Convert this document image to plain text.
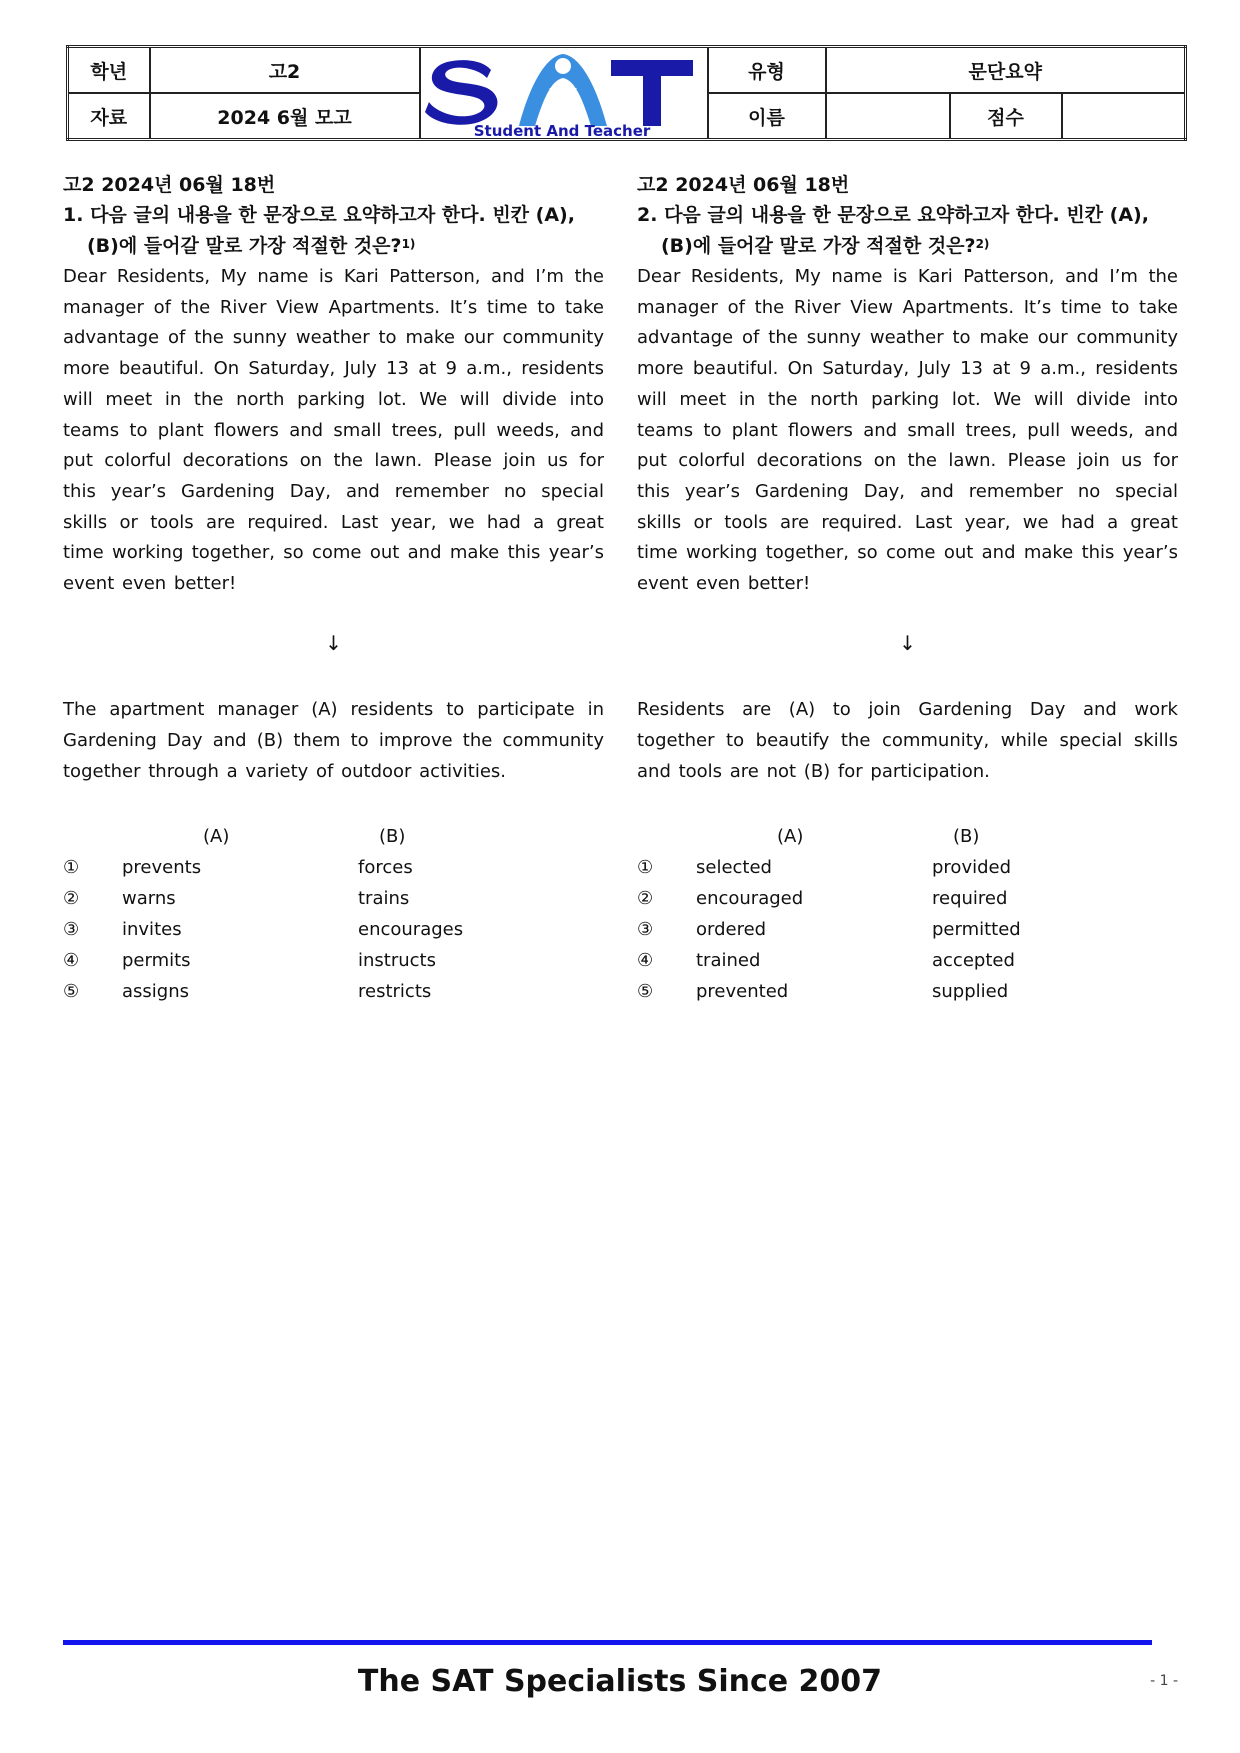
학년	고2	Student And Teacher	유형	문단요약		
자료	2024 6월 모고		이름		점수	
고2 2024년 06월 18번
1. 다음 글의 내용을 한 문장으로 요약하고자 한다. 빈칸 (A),
(B)에 들어갈 말로 가장 적절한 것은?$^{1)}$

Dear Residents, My name is Kari Patterson, and I’m the manager of the River View Apartments. It’s time to take advantage of the sunny weather to make our community more beautiful. On Saturday, July 13 at 9 a.m., residents will meet in the north parking lot. We will divide into teams to plant flowers and small trees, pull weeds, and put colorful decorations on the lawn. Please join us for this year’s Gardening Day, and remember no special skills or tools are required. Last year, we had a great time working together, so come out and make this year’s event even better!

↓

The apartment manager (A) residents to participate in Gardening Day and (B) them to improve the community together through a variety of outdoor activities.

(A)	(B)
①	prevents	forces
②	warns	trains
③	invites	encourages
④	permits	instructs
⑤	assigns	restricts
고2 2024년 06월 18번
2. 다음 글의 내용을 한 문장으로 요약하고자 한다. 빈칸 (A),
(B)에 들어갈 말로 가장 적절한 것은?$^{2)}$

Dear Residents, My name is Kari Patterson, and I’m the manager of the River View Apartments. It’s time to take advantage of the sunny weather to make our community more beautiful. On Saturday, July 13 at 9 a.m., residents will meet in the north parking lot. We will divide into teams to plant flowers and small trees, pull weeds, and put colorful decorations on the lawn. Please join us for this year’s Gardening Day, and remember no special skills or tools are required. Last year, we had a great time working together, so come out and make this year’s event even better!

↓

Residents are (A) to join Gardening Day and work together to beautify the community, while special skills and tools are not (B) for participation.

(A)	(B)
①	selected	provided
②	encouraged	required
③	ordered	permitted
④	trained	accepted
⑤	prevented	supplied
The SAT Specialists Since 2007	- 1 -
